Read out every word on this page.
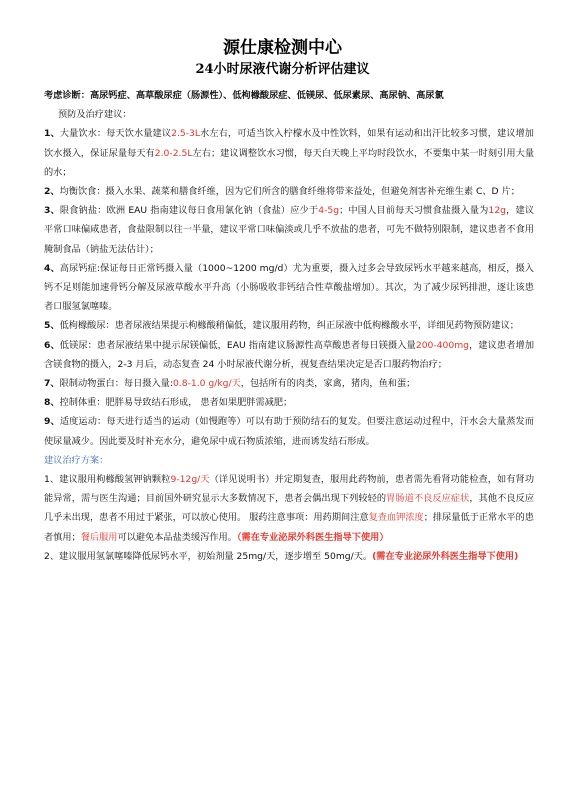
源仕康检测中心
24小时尿液代谢分析评估建议

考虑诊断：高尿钙症、高草酸尿症（肠源性）、低枸橼酸尿症、低镁尿、低尿素尿、高尿钠、高尿氯

预防及治疗建议：

1、大量饮水：每天饮水量建议2.5-3L水左右，可适当饮入柠檬水及中性饮料，如果有运动和出汗比较多习惯，建议增加饮水摄入，保证尿量每天有2.0-2.5L左右；建议调整饮水习惯，每天白天晚上平均时段饮水，不要集中某一时刻引用大量的水；

2、均衡饮食：摄入水果、蔬菜和膳食纤维，因为它们所含的膳食纤维将带来益处，但避免剂害补充维生素 C、D 片；

3、限食钠盐：欧洲 EAU 指南建议每日食用氯化钠（食盐）应少于4-5g；中国人目前每天习惯食盐摄入量为12g，建议平常口味偏咸患者，食盐限制以往一半量，建议平常口味偏淡或几乎不放盐的患者，可先不做特别限制，建议患者不食用腌制食品（钠盐无法估计）；

4、高尿钙症:保证每日正常钙摄入量（1000~1200 mg/d）尤为重要，摄入过多会导致尿钙水平越来越高，相反，摄入钙不足则能加速骨钙分解及尿液草酸水平升高（小肠吸收非钙结合性草酸盐增加）。其次，为了减少尿钙排泄，逐让该患者口服氢氯噻嗪。

5、低枸橼酸尿：患者尿液结果提示枸橼酸稍偏低，建议服用药物，纠正尿液中低枸橼酸水平，详细见药物预防建议；

6、低镁尿：患者尿液结果中提示尿镁偏低，EAU 指南建议肠源性高草酸患者每日镁摄入量200-400mg，建议患者增加含镁食物的摄入，2-3 月后，动态复查 24 小时尿液代谢分析，视复查结果决定是否口服药物治疗；

7、限制动物蛋白：每日摄入量:0.8-1.0 g/kg/天，包括所有的肉类，家禽，猪肉，鱼和蛋；

8、控制体重：肥胖易导致结石形成， 患者如果肥胖需减肥；

9、适度运动：每天进行适当的运动（如慢跑等）可以有助于预防结石的复发。但要注意运动过程中，汗水会大量蒸发而使尿量减少。因此要及时补充水分，避免尿中成石物质浓缩，进而诱发结石形成。

建议治疗方案：

1、建议服用枸橼酸氢钾钠颗粒9-12g/天（详见说明书）并定期复查，服用此药物前，患者需先看肾功能检查，如有肾功能异常，需与医生沟通；目前国外研究显示大多数情况下，患者会偶出现下列较轻的胃肠道不良反应症状，其他不良反应几乎未出现，患者不用过于紧张，可以放心使用。 服药注意事项：用药期间注意复查血钾浓度；排尿量低于正常水平的患者慎用；餐后服用可以避免本品盐类缓泻作用。（需在专业泌尿外科医生指导下使用）

2、建议服用氢氯噻嗪降低尿钙水平，初始剂量 25mg/天，逐步增至 50mg/天。(需在专业泌尿外科医生指导下使用)
